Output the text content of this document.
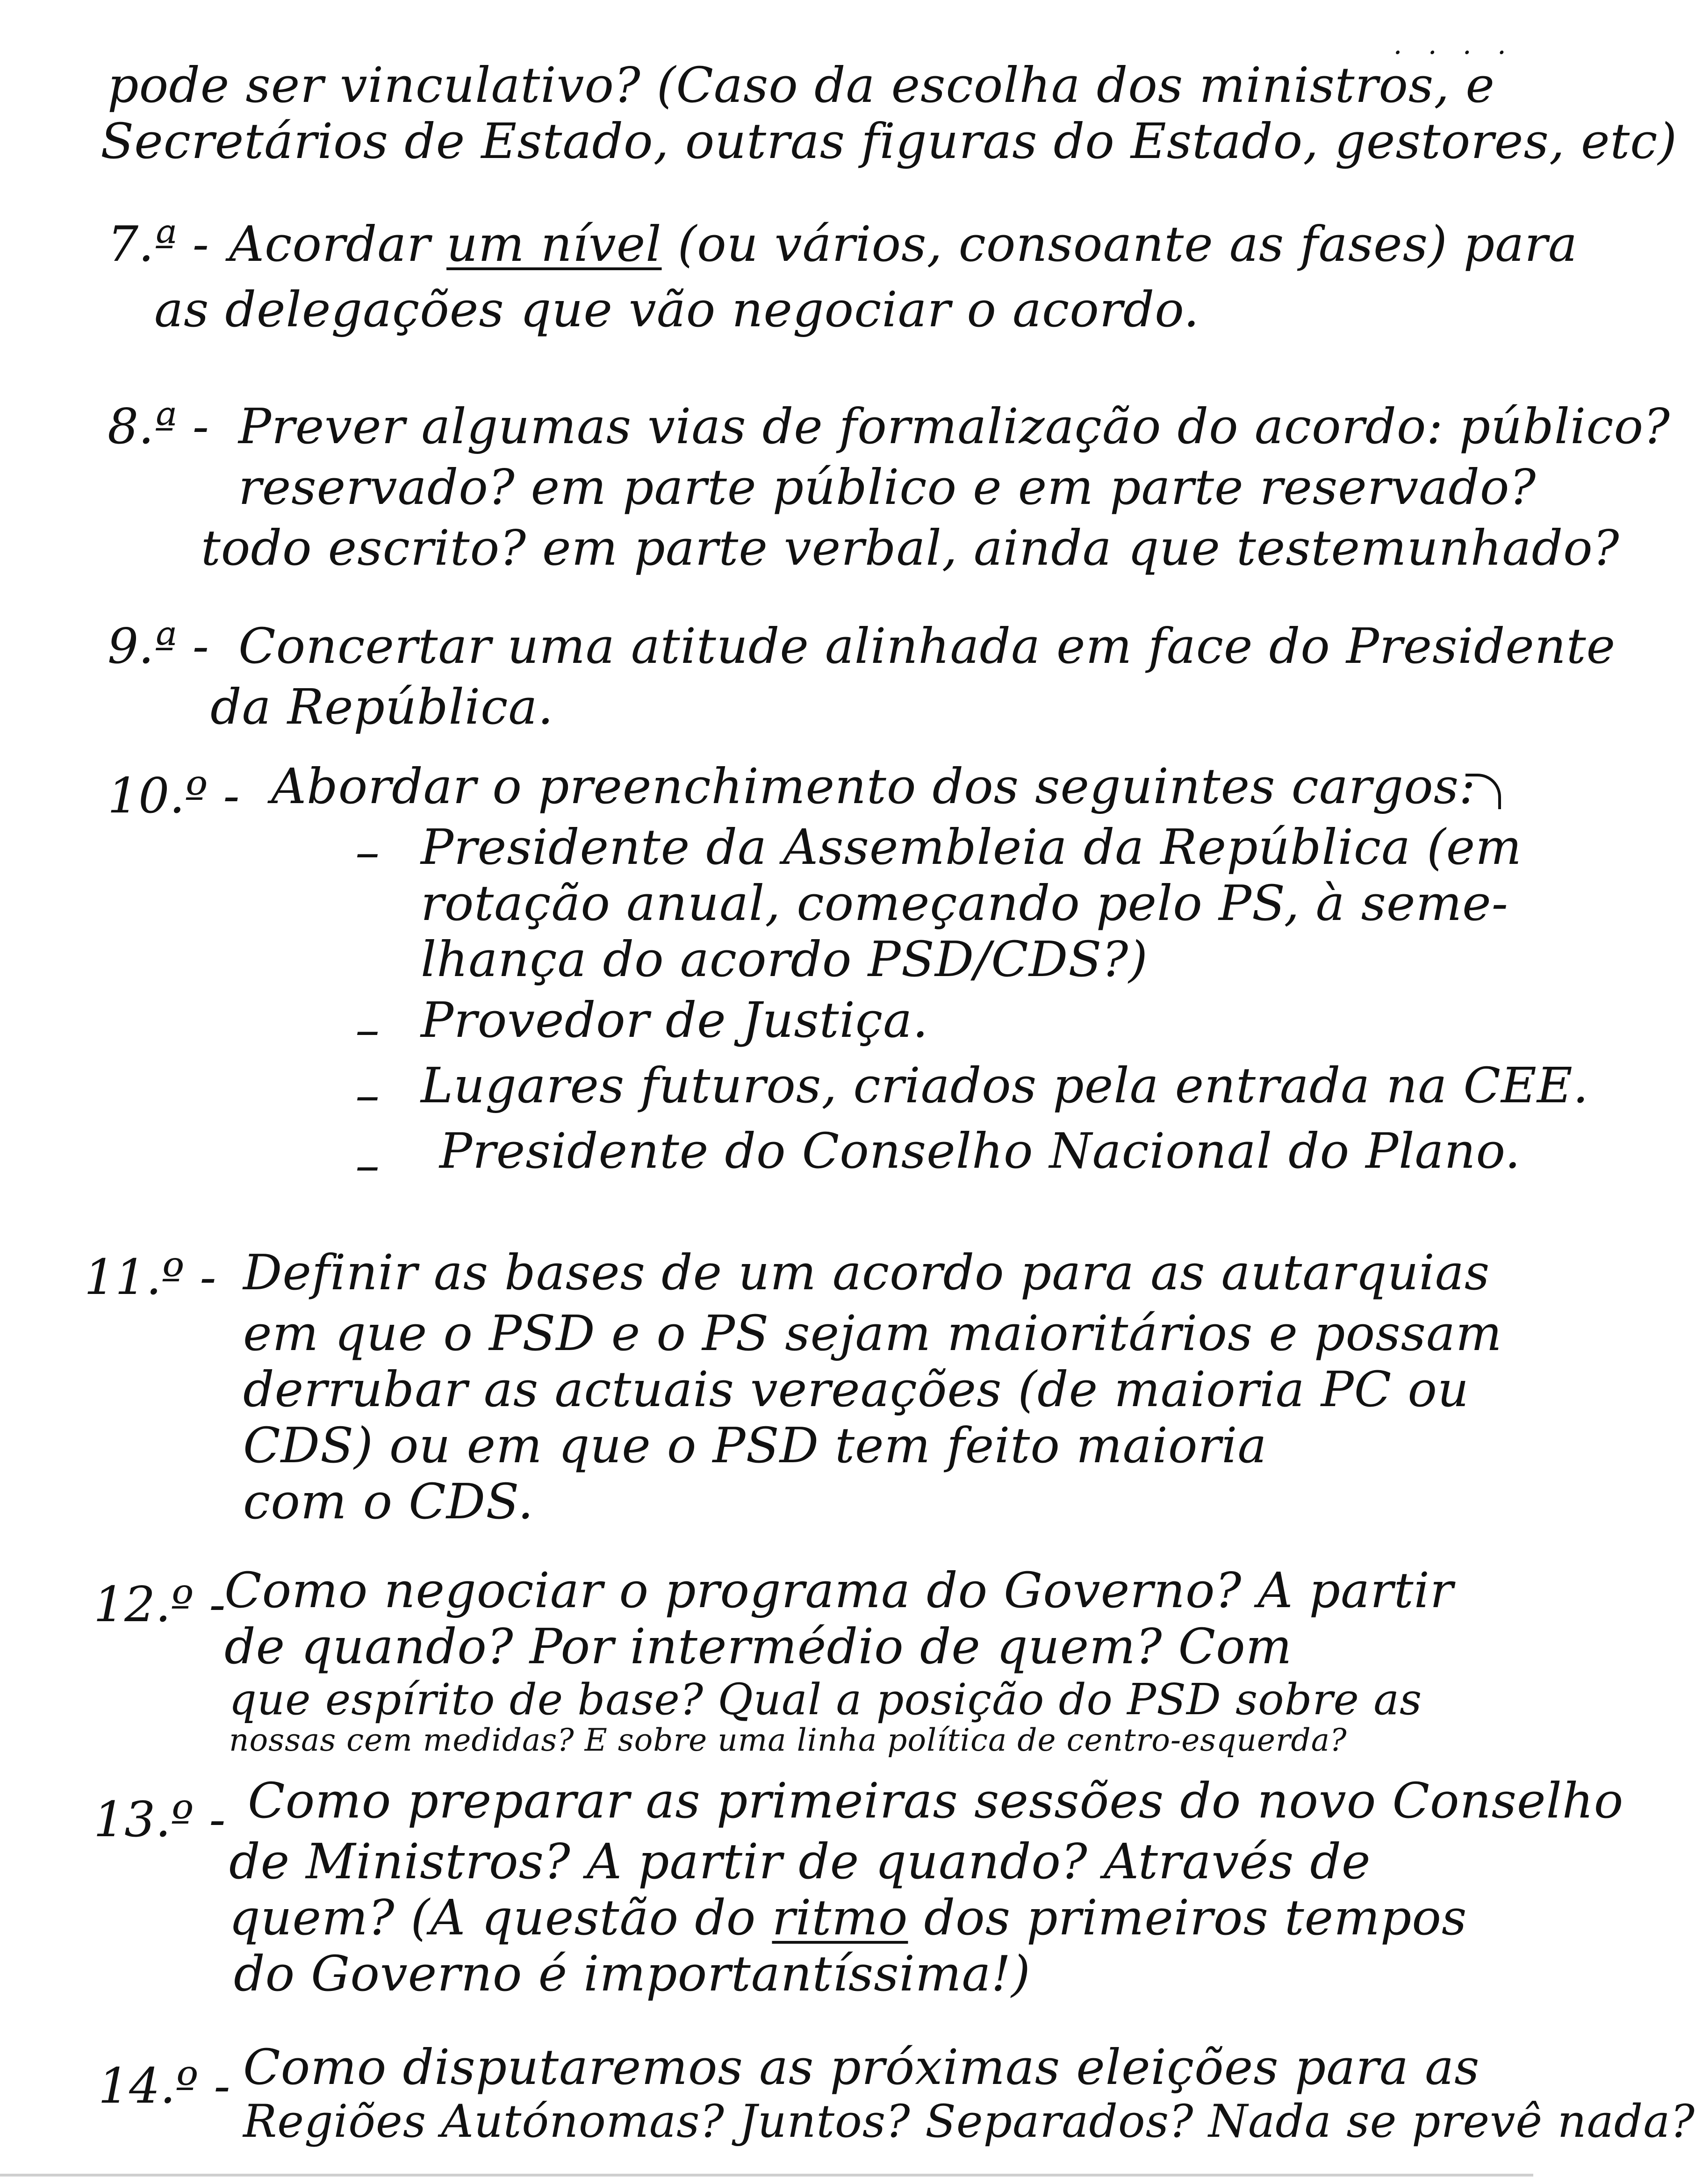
. . . .
pode ser vinculativo? (Caso da escolha dos ministros, e
Secretários de Estado, outras figuras do Estado, gestores, etc)
7.ª - Acordar um nível (ou vários, consoante as fases) para
as delegações que vão negociar o acordo.
8.ª - Prever algumas vias de formalização do acordo: público?
reservado? em parte público e em parte reservado?
todo escrito? em parte verbal, ainda que testemunhado?
9.ª - Concertar uma atitude alinhada em face do Presidente
da República.
10.º - Abordar o preenchimento dos seguintes cargos:
– Presidente da Assembleia da República (em
rotação anual, começando pelo PS, à seme-
lhança do acordo PSD/CDS?)
– Provedor de Justiça.
– Lugares futuros, criados pela entrada na CEE.
– Presidente do Conselho Nacional do Plano.
11.º - Definir as bases de um acordo para as autarquias
em que o PSD e o PS sejam maioritários e possam
derrubar as actuais vereações (de maioria PC ou
CDS) ou em que o PSD tem feito maioria
com o CDS.
12.º -
Como negociar o programa do Governo? A partir
de quando? Por intermédio de quem? Com
que espírito de base? Qual a posição do PSD sobre as
nossas cem medidas? E sobre uma linha política de centro-esquerda?
13.º - Como preparar as primeiras sessões do novo Conselho
de Ministros? A partir de quando? Através de
quem? (A questão do ritmo dos primeiros tempos
do Governo é importantíssima!)
14.º - Como disputaremos as próximas eleições para as
Regiões Autónomas? Juntos? Separados? Nada se prevê nada?
